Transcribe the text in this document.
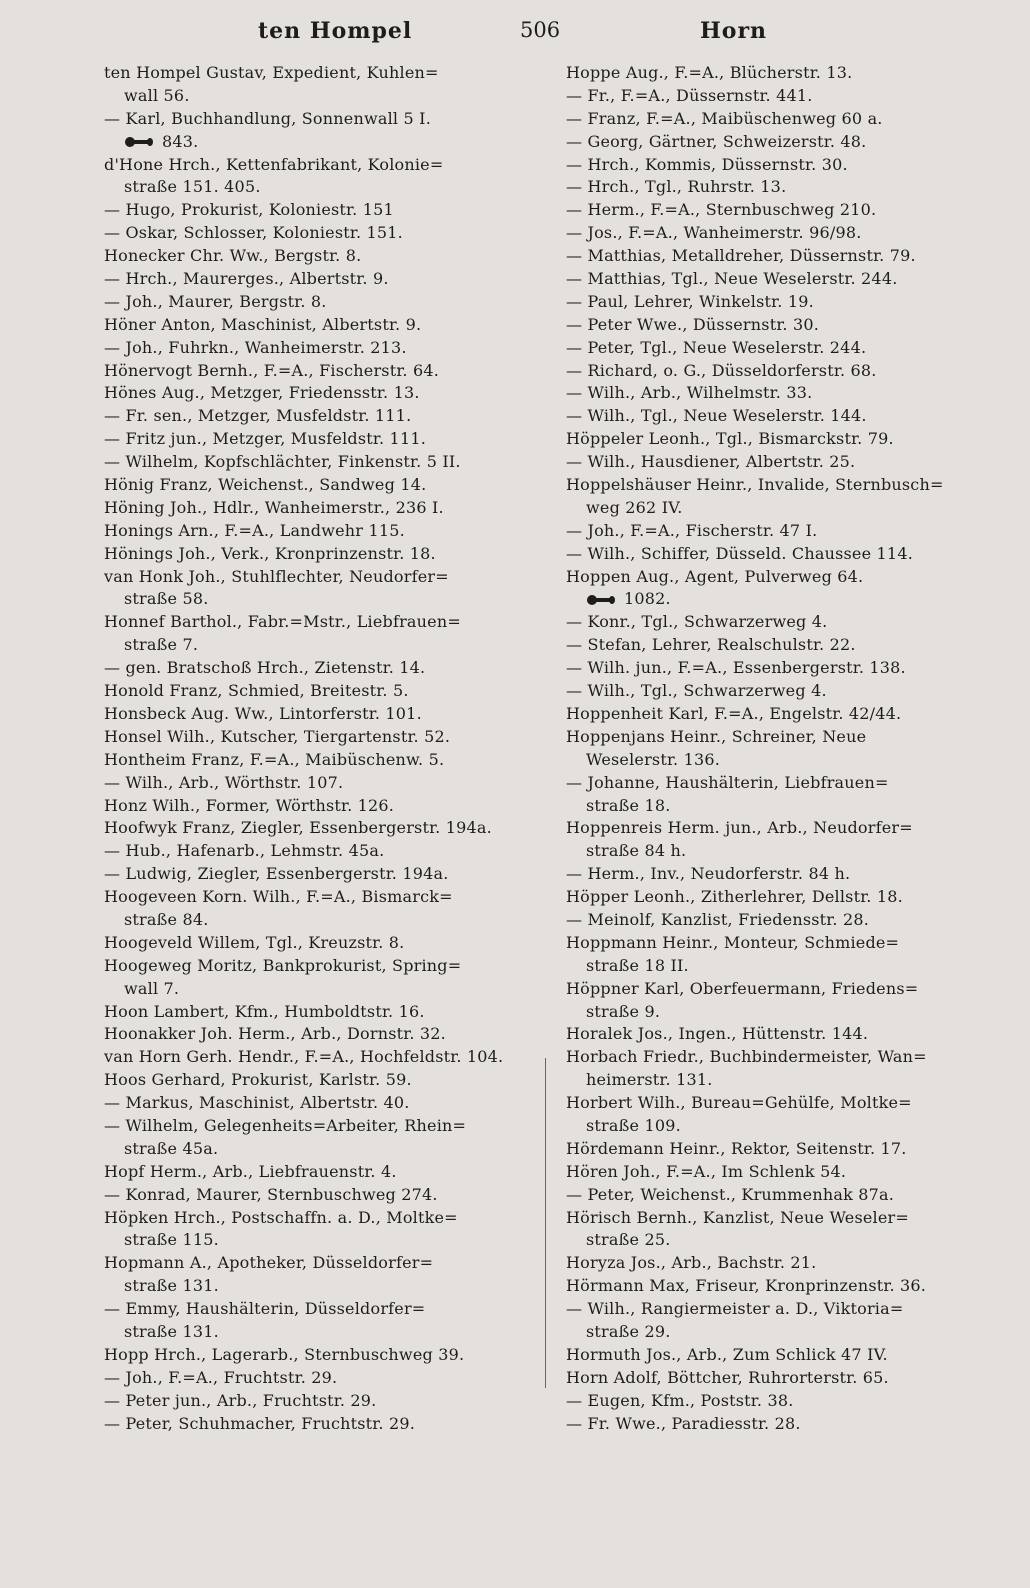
ten Hompel	506	Horn
ten Hompel Gustav, Expedient, Kuhlen=
wall 56.
— Karl, Buchhandlung, Sonnenwall 5 I.
843.
d'Hone Hrch., Kettenfabrikant, Kolonie=
straße 151. 405.
— Hugo, Prokurist, Koloniestr. 151
— Oskar, Schlosser, Koloniestr. 151.
Honecker Chr. Ww., Bergstr. 8.
— Hrch., Maurerges., Albertstr. 9.
— Joh., Maurer, Bergstr. 8.
Höner Anton, Maschinist, Albertstr. 9.
— Joh., Fuhrkn., Wanheimerstr. 213.
Hönervogt Bernh., F.=A., Fischerstr. 64.
Hönes Aug., Metzger, Friedensstr. 13.
— Fr. sen., Metzger, Musfeldstr. 111.
— Fritz jun., Metzger, Musfeldstr. 111.
— Wilhelm, Kopfschlächter, Finkenstr. 5 II.
Hönig Franz, Weichenst., Sandweg 14.
Höning Joh., Hdlr., Wanheimerstr., 236 I.
Honings Arn., F.=A., Landwehr 115.
Hönings Joh., Verk., Kronprinzenstr. 18.
van Honk Joh., Stuhlflechter, Neudorfer=
straße 58.
Honnef Barthol., Fabr.=Mstr., Liebfrauen=
straße 7.
— gen. Bratschoß Hrch., Zietenstr. 14.
Honold Franz, Schmied, Breitestr. 5.
Honsbeck Aug. Ww., Lintorferstr. 101.
Honsel Wilh., Kutscher, Tiergartenstr. 52.
Hontheim Franz, F.=A., Maibüschenw. 5.
— Wilh., Arb., Wörthstr. 107.
Honz Wilh., Former, Wörthstr. 126.
Hoofwyk Franz, Ziegler, Essenbergerstr. 194a.
— Hub., Hafenarb., Lehmstr. 45a.
— Ludwig, Ziegler, Essenbergerstr. 194a.
Hoogeveen Korn. Wilh., F.=A., Bismarck=
straße 84.
Hoogeveld Willem, Tgl., Kreuzstr. 8.
Hoogeweg Moritz, Bankprokurist, Spring=
wall 7.
Hoon Lambert, Kfm., Humboldtstr. 16.
Hoonakker Joh. Herm., Arb., Dornstr. 32.
van Horn Gerh. Hendr., F.=A., Hochfeldstr. 104.
Hoos Gerhard, Prokurist, Karlstr. 59.
— Markus, Maschinist, Albertstr. 40.
— Wilhelm, Gelegenheits=Arbeiter, Rhein=
straße 45a.
Hopf Herm., Arb., Liebfrauenstr. 4.
— Konrad, Maurer, Sternbuschweg 274.
Höpken Hrch., Postschaffn. a. D., Moltke=
straße 115.
Hopmann A., Apotheker, Düsseldorfer=
straße 131.
— Emmy, Haushälterin, Düsseldorfer=
straße 131.
Hopp Hrch., Lagerarb., Sternbuschweg 39.
— Joh., F.=A., Fruchtstr. 29.
— Peter jun., Arb., Fruchtstr. 29.
— Peter, Schuhmacher, Fruchtstr. 29.
Hoppe Aug., F.=A., Blücherstr. 13.
— Fr., F.=A., Düssernstr. 441.
— Franz, F.=A., Maibüschenweg 60 a.
— Georg, Gärtner, Schweizerstr. 48.
— Hrch., Kommis, Düssernstr. 30.
— Hrch., Tgl., Ruhrstr. 13.
— Herm., F.=A., Sternbuschweg 210.
— Jos., F.=A., Wanheimerstr. 96/98.
— Matthias, Metalldreher, Düssernstr. 79.
— Matthias, Tgl., Neue Weselerstr. 244.
— Paul, Lehrer, Winkelstr. 19.
— Peter Wwe., Düssernstr. 30.
— Peter, Tgl., Neue Weselerstr. 244.
— Richard, o. G., Düsseldorferstr. 68.
— Wilh., Arb., Wilhelmstr. 33.
— Wilh., Tgl., Neue Weselerstr. 144.
Höppeler Leonh., Tgl., Bismarckstr. 79.
— Wilh., Hausdiener, Albertstr. 25.
Hoppelshäuser Heinr., Invalide, Sternbusch=
weg 262 IV.
— Joh., F.=A., Fischerstr. 47 I.
— Wilh., Schiffer, Düsseld. Chaussee 114.
Hoppen Aug., Agent, Pulverweg 64.
1082.
— Konr., Tgl., Schwarzerweg 4.
— Stefan, Lehrer, Realschulstr. 22.
— Wilh. jun., F.=A., Essenbergerstr. 138.
— Wilh., Tgl., Schwarzerweg 4.
Hoppenheit Karl, F.=A., Engelstr. 42/44.
Hoppenjans Heinr., Schreiner, Neue
Weselerstr. 136.
— Johanne, Haushälterin, Liebfrauen=
straße 18.
Hoppenreis Herm. jun., Arb., Neudorfer=
straße 84 h.
— Herm., Inv., Neudorferstr. 84 h.
Höpper Leonh., Zitherlehrer, Dellstr. 18.
— Meinolf, Kanzlist, Friedensstr. 28.
Hoppmann Heinr., Monteur, Schmiede=
straße 18 II.
Höppner Karl, Oberfeuermann, Friedens=
straße 9.
Horalek Jos., Ingen., Hüttenstr. 144.
Horbach Friedr., Buchbindermeister, Wan=
heimerstr. 131.
Horbert Wilh., Bureau=Gehülfe, Moltke=
straße 109.
Hördemann Heinr., Rektor, Seitenstr. 17.
Hören Joh., F.=A., Im Schlenk 54.
— Peter, Weichenst., Krummenhak 87a.
Hörisch Bernh., Kanzlist, Neue Weseler=
straße 25.
Horyza Jos., Arb., Bachstr. 21.
Hörmann Max, Friseur, Kronprinzenstr. 36.
— Wilh., Rangiermeister a. D., Viktoria=
straße 29.
Hormuth Jos., Arb., Zum Schlick 47 IV.
Horn Adolf, Böttcher, Ruhrorterstr. 65.
— Eugen, Kfm., Poststr. 38.
— Fr. Wwe., Paradiesstr. 28.
